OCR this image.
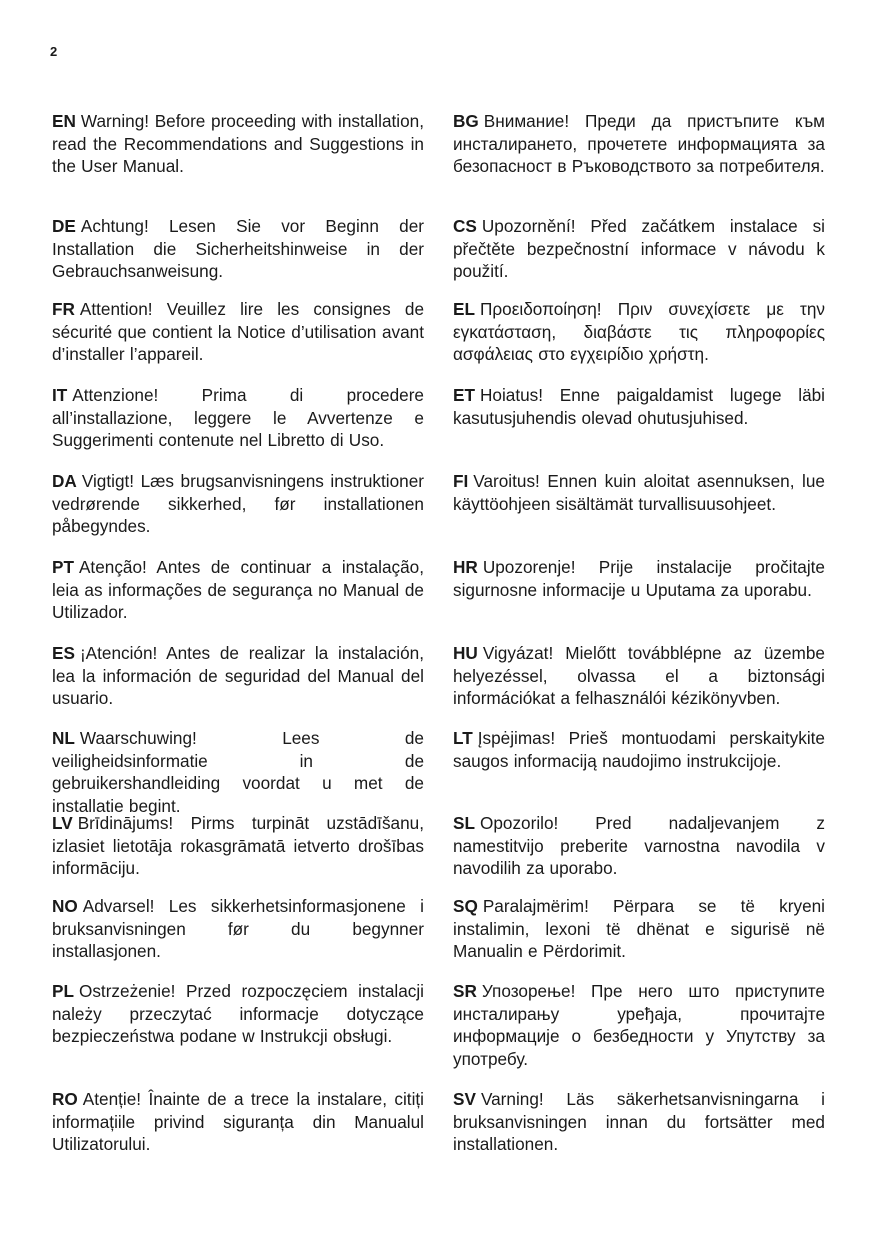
2

EN Warning! Before proceeding with installation, read the Recommendations and Suggestions in the User Manual.

DE Achtung! Lesen Sie vor Beginn der Installation die Sicherheitshinweise in der Gebrauchsanweisung.

FR Attention! Veuillez lire les consignes de sécurité que contient la Notice d’utilisation avant d’installer l’appareil.

IT Attenzione! Prima di procedere all’installazione, leggere le Avvertenze e Suggerimenti contenute nel Libretto di Uso.

DA Vigtigt! Læs brugsanvisningens instruktioner vedrørende sikkerhed, før installationen påbegyndes.

PT Atenção! Antes de continuar a instalação, leia as informações de segurança no Manual de Utilizador.

ES ¡Atención! Antes de realizar la instalación, lea la información de seguridad del Manual del usuario.

NL Waarschuwing! Lees de veiligheidsinformatie in de gebruikershandleiding voordat u met de installatie begint.

LV Brīdinājums! Pirms turpināt uzstādīšanu, izlasiet lietotāja rokasgrāmatā ietverto drošības informāciju.

NO Advarsel! Les sikkerhetsinformasjonene i bruksanvisningen før du begynner installasjonen.

PL Ostrzeżenie! Przed rozpoczęciem instalacji należy przeczytać informacje dotyczące bezpieczeństwa podane w Instrukcji obsługi.

RO Atenție! Înainte de a trece la instalare, citiți informațiile privind siguranța din Manualul Utilizatorului.

BG Внимание! Преди да пристъпите към инсталирането, прочетете информацията за безопасност в Ръководството за потребителя.

CS Upozornění! Před začátkem instalace si přečtěte bezpečnostní informace v návodu k použití.

EL Προειδοποίηση! Πριν συνεχίσετε με την εγκατάσταση, διαβάστε τις πληροφορίες ασφάλειας στο εγχειρίδιο χρήστη.

ET Hoiatus! Enne paigaldamist lugege läbi kasutusjuhendis olevad ohutusjuhised.

FI Varoitus! Ennen kuin aloitat asennuksen, lue käyttöohjeen sisältämät turvallisuusohjeet.

HR Upozorenje! Prije instalacije pročitajte sigurnosne informacije u Uputama za uporabu.

HU Vigyázat! Mielőtt továbblépne az üzembe helyezéssel, olvassa el a biztonsági információkat a felhasználói kézikönyvben.

LT Įspėjimas! Prieš montuodami perskaitykite saugos informaciją naudojimo instrukcijoje.

SL Opozorilo! Pred nadaljevanjem z namestitvijo preberite varnostna navodila v navodilih za uporabo.

SQ Paralajmërim! Përpara se të kryeni instalimin, lexoni të dhënat e sigurisë në Manualin e Përdorimit.

SR Упозорење! Пре него што приступите инсталирању уређаја, прочитајте информације о безбедности у Упутству за употребу.

SV Varning! Läs säkerhetsanvisningarna i bruksanvisningen innan du fortsätter med installationen.
